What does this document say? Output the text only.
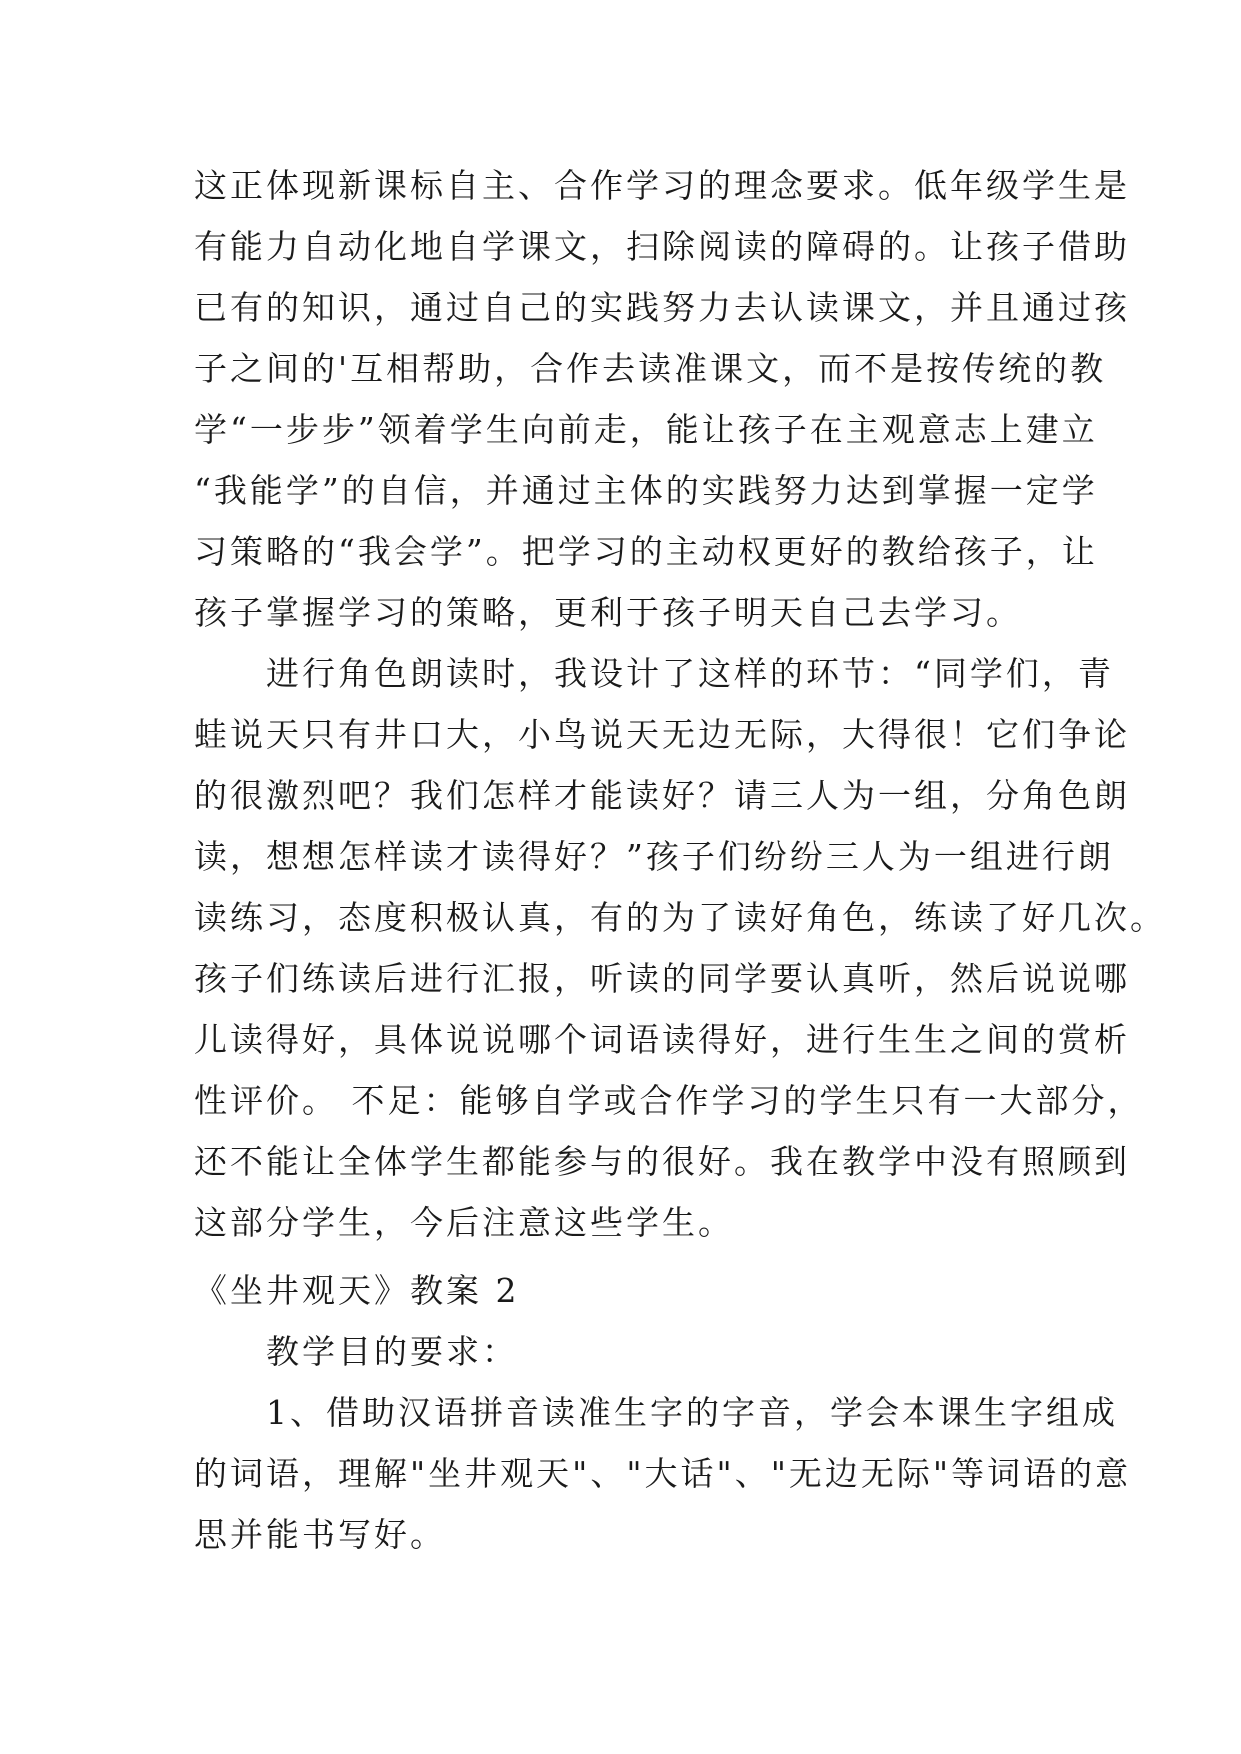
这正体现新课标自主、合作学习的理念要求。低年级学生是
有能力自动化地自学课文，扫除阅读的障碍的。让孩子借助
已有的知识，通过自己的实践努力去认读课文，并且通过孩
子之间的'互相帮助，合作去读准课文，而不是按传统的教
学“一步步”领着学生向前走，能让孩子在主观意志上建立
“我能学”的自信，并通过主体的实践努力达到掌握一定学
习策略的“我会学”。把学习的主动权更好的教给孩子，让
孩子掌握学习的策略，更利于孩子明天自己去学习。
　　进行角色朗读时，我设计了这样的环节：“同学们，青
蛙说天只有井口大，小鸟说天无边无际，大得很！它们争论
的很激烈吧？我们怎样才能读好？请三人为一组，分角色朗
读，想想怎样读才读得好？”孩子们纷纷三人为一组进行朗
读练习，态度积极认真，有的为了读好角色，练读了好几次。
孩子们练读后进行汇报，听读的同学要认真听，然后说说哪
儿读得好，具体说说哪个词语读得好，进行生生之间的赏析
性评价。 不足：能够自学或合作学习的学生只有一大部分，
还不能让全体学生都能参与的很好。我在教学中没有照顾到
这部分学生，今后注意这些学生。
《坐井观天》教案 2
　　教学目的要求：
　　1、借助汉语拼音读准生字的字音，学会本课生字组成
的词语，理解"坐井观天"、"大话"、"无边无际"等词语的意
思并能书写好。
